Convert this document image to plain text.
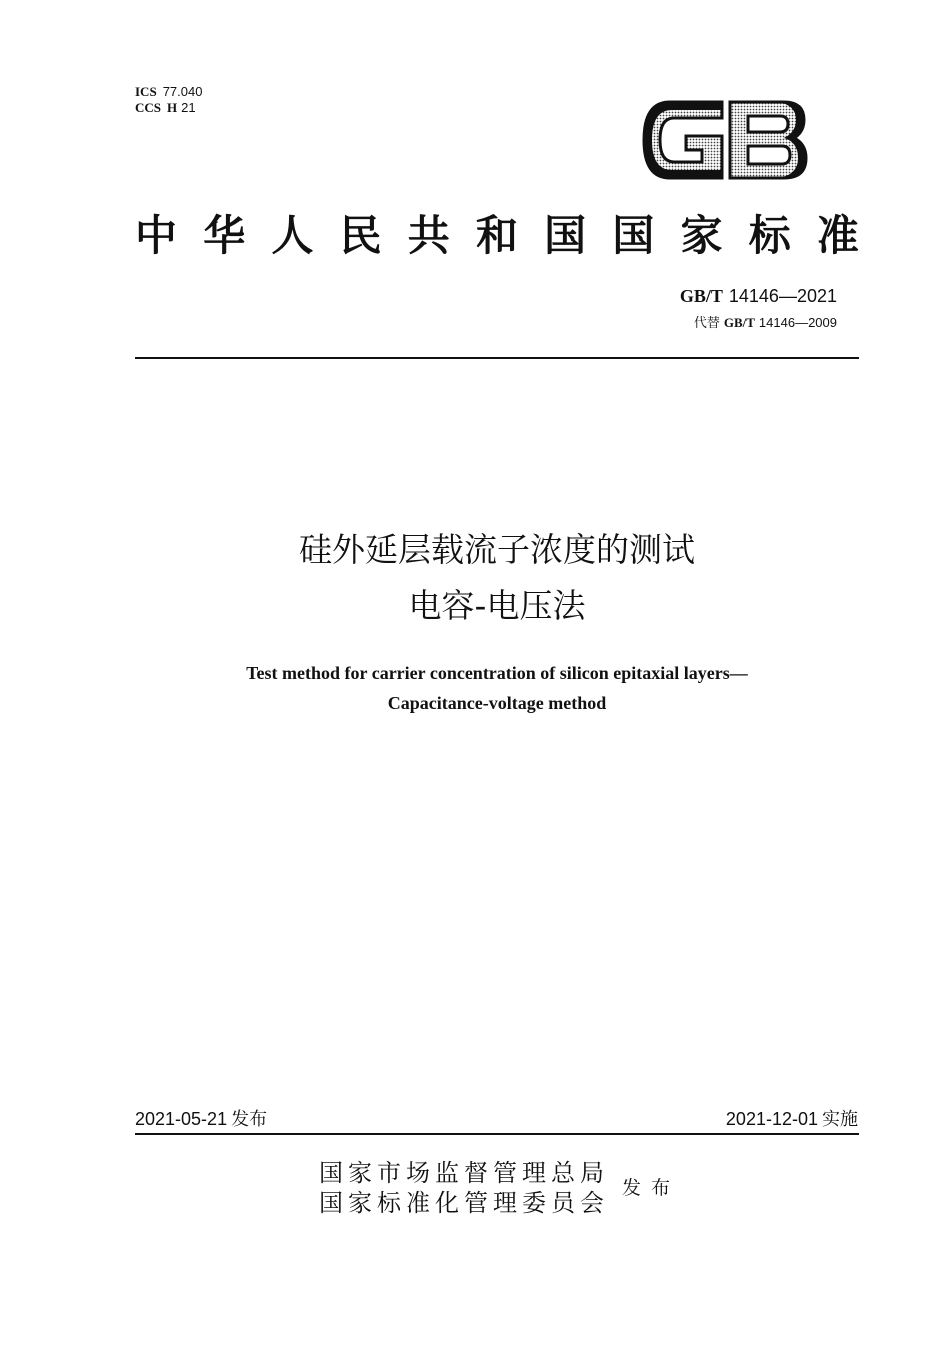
ICS 77.040
CCS H 21
中 华 人 民 共 和 国 国 家 标 准
GB/T 14146—2021
代替 GB/T 14146—2009
硅外延层载流子浓度的测试
电容-电压法
Test method for carrier concentration of silicon epitaxial layers—
Capacitance-voltage method
2021-05-21 发布	2021-12-01 实施
国家市场监督管理总局
国家标准化管理委员会
发布
